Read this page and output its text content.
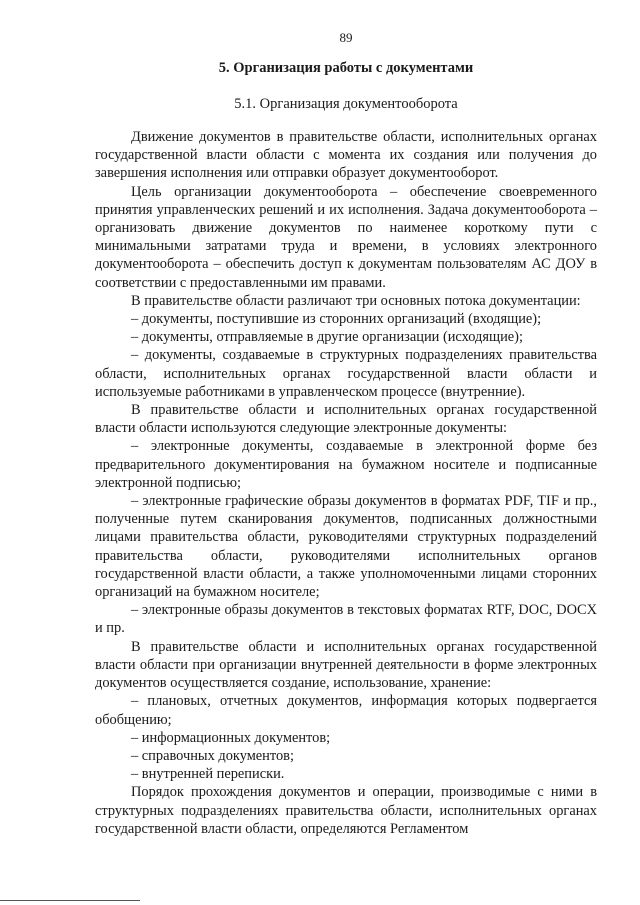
89
5. Организация работы с документами
5.1. Организация документооборота

Движение документов в правительстве области, исполнительных органах государственной власти области с момента их создания или получения до завершения исполнения или отправки образует документооборот.

Цель организации документооборота – обеспечение своевременного принятия управленческих решений и их исполнения. Задача документооборота – организовать движение документов по наименее короткому пути с минимальными затратами труда и времени, в условиях электронного документооборота – обеспечить доступ к документам пользователям АС ДОУ в соответствии с предоставленными им правами.

В правительстве области различают три основных потока документации:

– документы, поступившие из сторонних организаций (входящие);

– документы, отправляемые в другие организации (исходящие);

– документы, создаваемые в структурных подразделениях правительства области, исполнительных органах государственной власти области и используемые работниками в управленческом процессе (внутренние).

В правительстве области и исполнительных органах государственной власти области используются следующие электронные документы:

– электронные документы, создаваемые в электронной форме без предварительного документирования на бумажном носителе и подписанные электронной подписью;

– электронные графические образы документов в форматах PDF, TIF и пр., полученные путем сканирования документов, подписанных должностными лицами правительства области, руководителями структурных подразделений правительства области, руководителями исполнительных органов государственной власти области, а также уполномоченными лицами сторонних организаций на бумажном носителе;

– электронные образы документов в текстовых форматах RTF, DOC, DOCX и пр.

В правительстве области и исполнительных органах государственной власти области при организации внутренней деятельности в форме электронных документов осуществляется создание, использование, хранение:

– плановых, отчетных документов, информация которых подвергается обобщению;

– информационных документов;

– справочных документов;

– внутренней переписки.

Порядок прохождения документов и операции, производимые с ними в структурных подразделениях правительства области, исполнительных органах государственной власти области, определяются Регламентом
